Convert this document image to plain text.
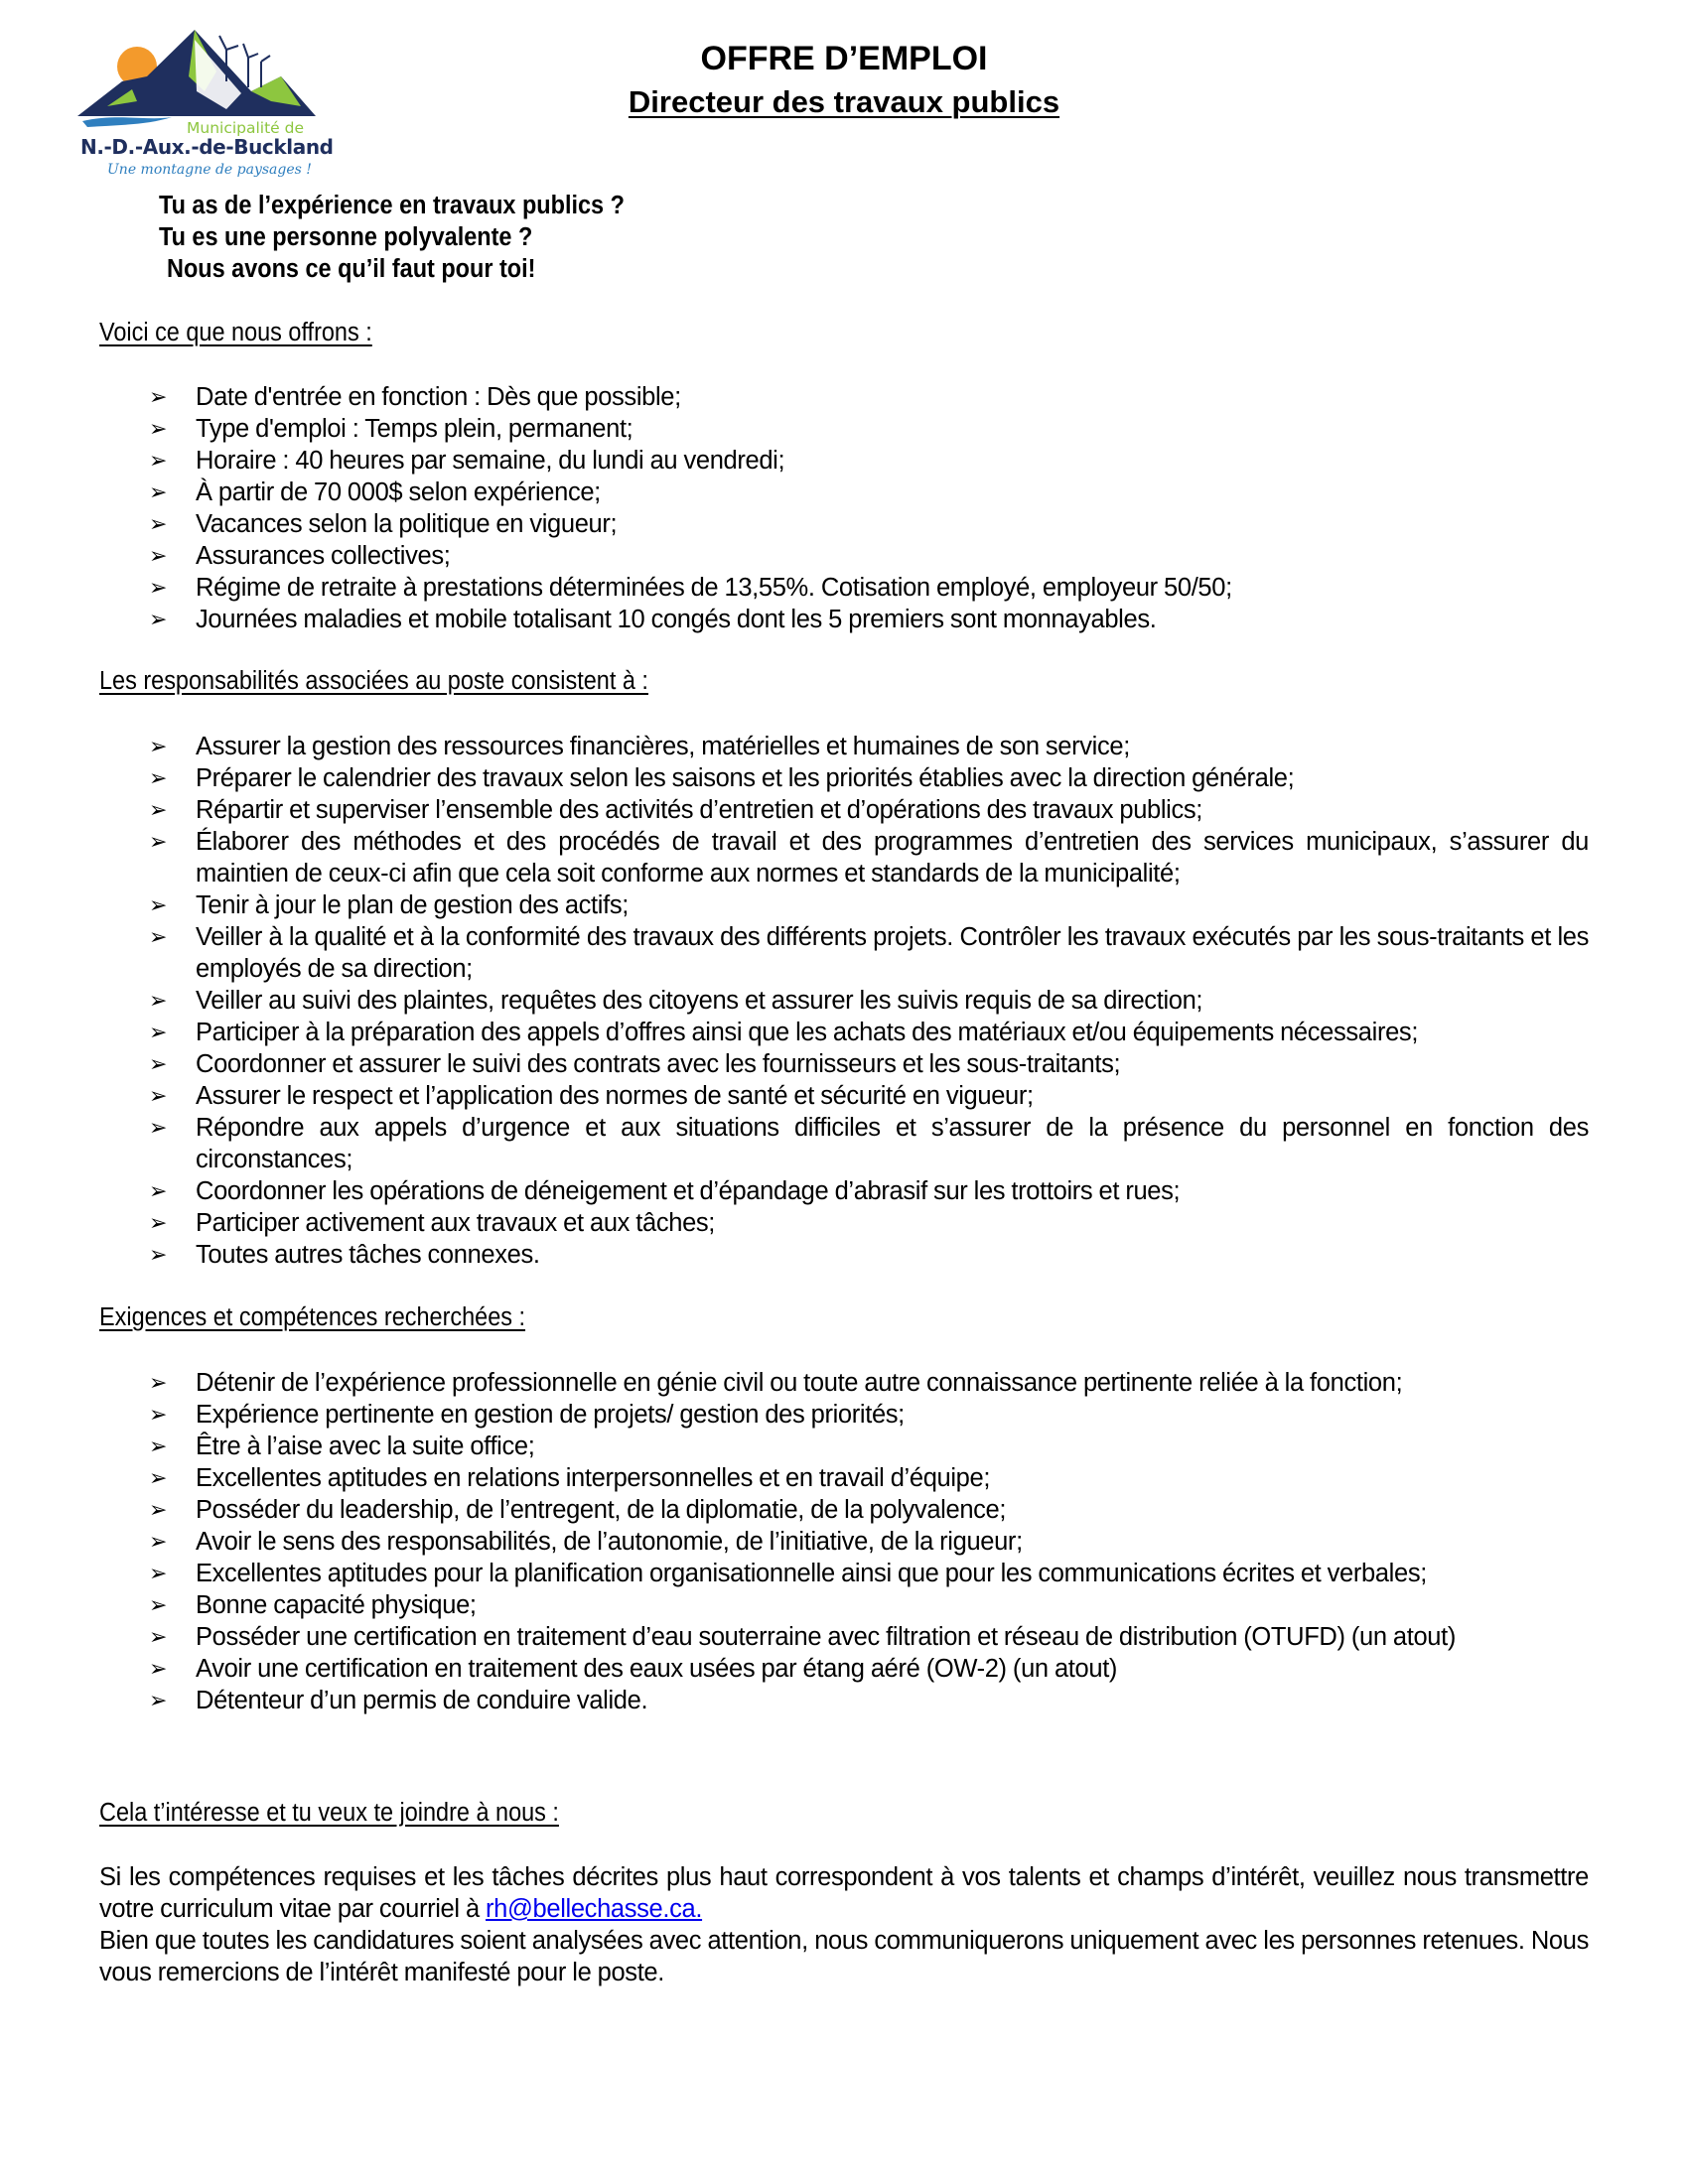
Municipalité de
N.-D.-Aux.-de-Buckland
Une montagne de paysages !
OFFRE D’EMPLOI
Directeur des travaux publics
Tu as de l’expérience en travaux publics ?
Tu es une personne polyvalente ?
Nous avons ce qu’il faut pour toi!
Voici ce que nous offrons :
➢ Date d'entrée en fonction : Dès que possible;
➢ Type d'emploi : Temps plein, permanent;
➢ Horaire : 40 heures par semaine, du lundi au vendredi;
➢ À partir de 70 000$ selon expérience;
➢ Vacances selon la politique en vigueur;
➢ Assurances collectives;
➢ Régime de retraite à prestations déterminées de 13,55%. Cotisation employé, employeur 50/50;
➢ Journées maladies et mobile totalisant 10 congés dont les 5 premiers sont monnayables.
Les responsabilités associées au poste consistent à :
➢ Assurer la gestion des ressources financières, matérielles et humaines de son service;
➢ Préparer le calendrier des travaux selon les saisons et les priorités établies avec la direction générale;
➢ Répartir et superviser l’ensemble des activités d’entretien et d’opérations des travaux publics;
➢ Élaborer des méthodes et des procédés de travail et des programmes d’entretien des services municipaux, s’assurer du maintien de ceux-ci afin que cela soit conforme aux normes et standards de la municipalité;
➢ Tenir à jour le plan de gestion des actifs;
➢ Veiller à la qualité et à la conformité des travaux des différents projets. Contrôler les travaux exécutés par les sous-traitants et les employés de sa direction;
➢ Veiller au suivi des plaintes, requêtes des citoyens et assurer les suivis requis de sa direction;
➢ Participer à la préparation des appels d’offres ainsi que les achats des matériaux et/ou équipements nécessaires;
➢ Coordonner et assurer le suivi des contrats avec les fournisseurs et les sous-traitants;
➢ Assurer le respect et l’application des normes de santé et sécurité en vigueur;
➢ Répondre aux appels d’urgence et aux situations difficiles et s’assurer de la présence du personnel en fonction des circonstances;
➢ Coordonner les opérations de déneigement et d’épandage d’abrasif sur les trottoirs et rues;
➢ Participer activement aux travaux et aux tâches;
➢ Toutes autres tâches connexes.
Exigences et compétences recherchées :
➢ Détenir de l’expérience professionnelle en génie civil ou toute autre connaissance pertinente reliée à la fonction;
➢ Expérience pertinente en gestion de projets/ gestion des priorités;
➢ Être à l’aise avec la suite office;
➢ Excellentes aptitudes en relations interpersonnelles et en travail d’équipe;
➢ Posséder du leadership, de l’entregent, de la diplomatie, de la polyvalence;
➢ Avoir le sens des responsabilités, de l’autonomie, de l’initiative, de la rigueur;
➢ Excellentes aptitudes pour la planification organisationnelle ainsi que pour les communications écrites et verbales;
➢ Bonne capacité physique;
➢ Posséder une certification en traitement d’eau souterraine avec filtration et réseau de distribution (OTUFD) (un atout)
➢ Avoir une certification en traitement des eaux usées par étang aéré (OW-2) (un atout)
➢ Détenteur d’un permis de conduire valide.
Cela t’intéresse et tu veux te joindre à nous :
Si les compétences requises et les tâches décrites plus haut correspondent à vos talents et champs d’intérêt, veuillez nous transmettre votre curriculum vitae par courriel à rh@bellechasse.ca.
Bien que toutes les candidatures soient analysées avec attention, nous communiquerons uniquement avec les personnes retenues. Nous vous remercions de l’intérêt manifesté pour le poste.
